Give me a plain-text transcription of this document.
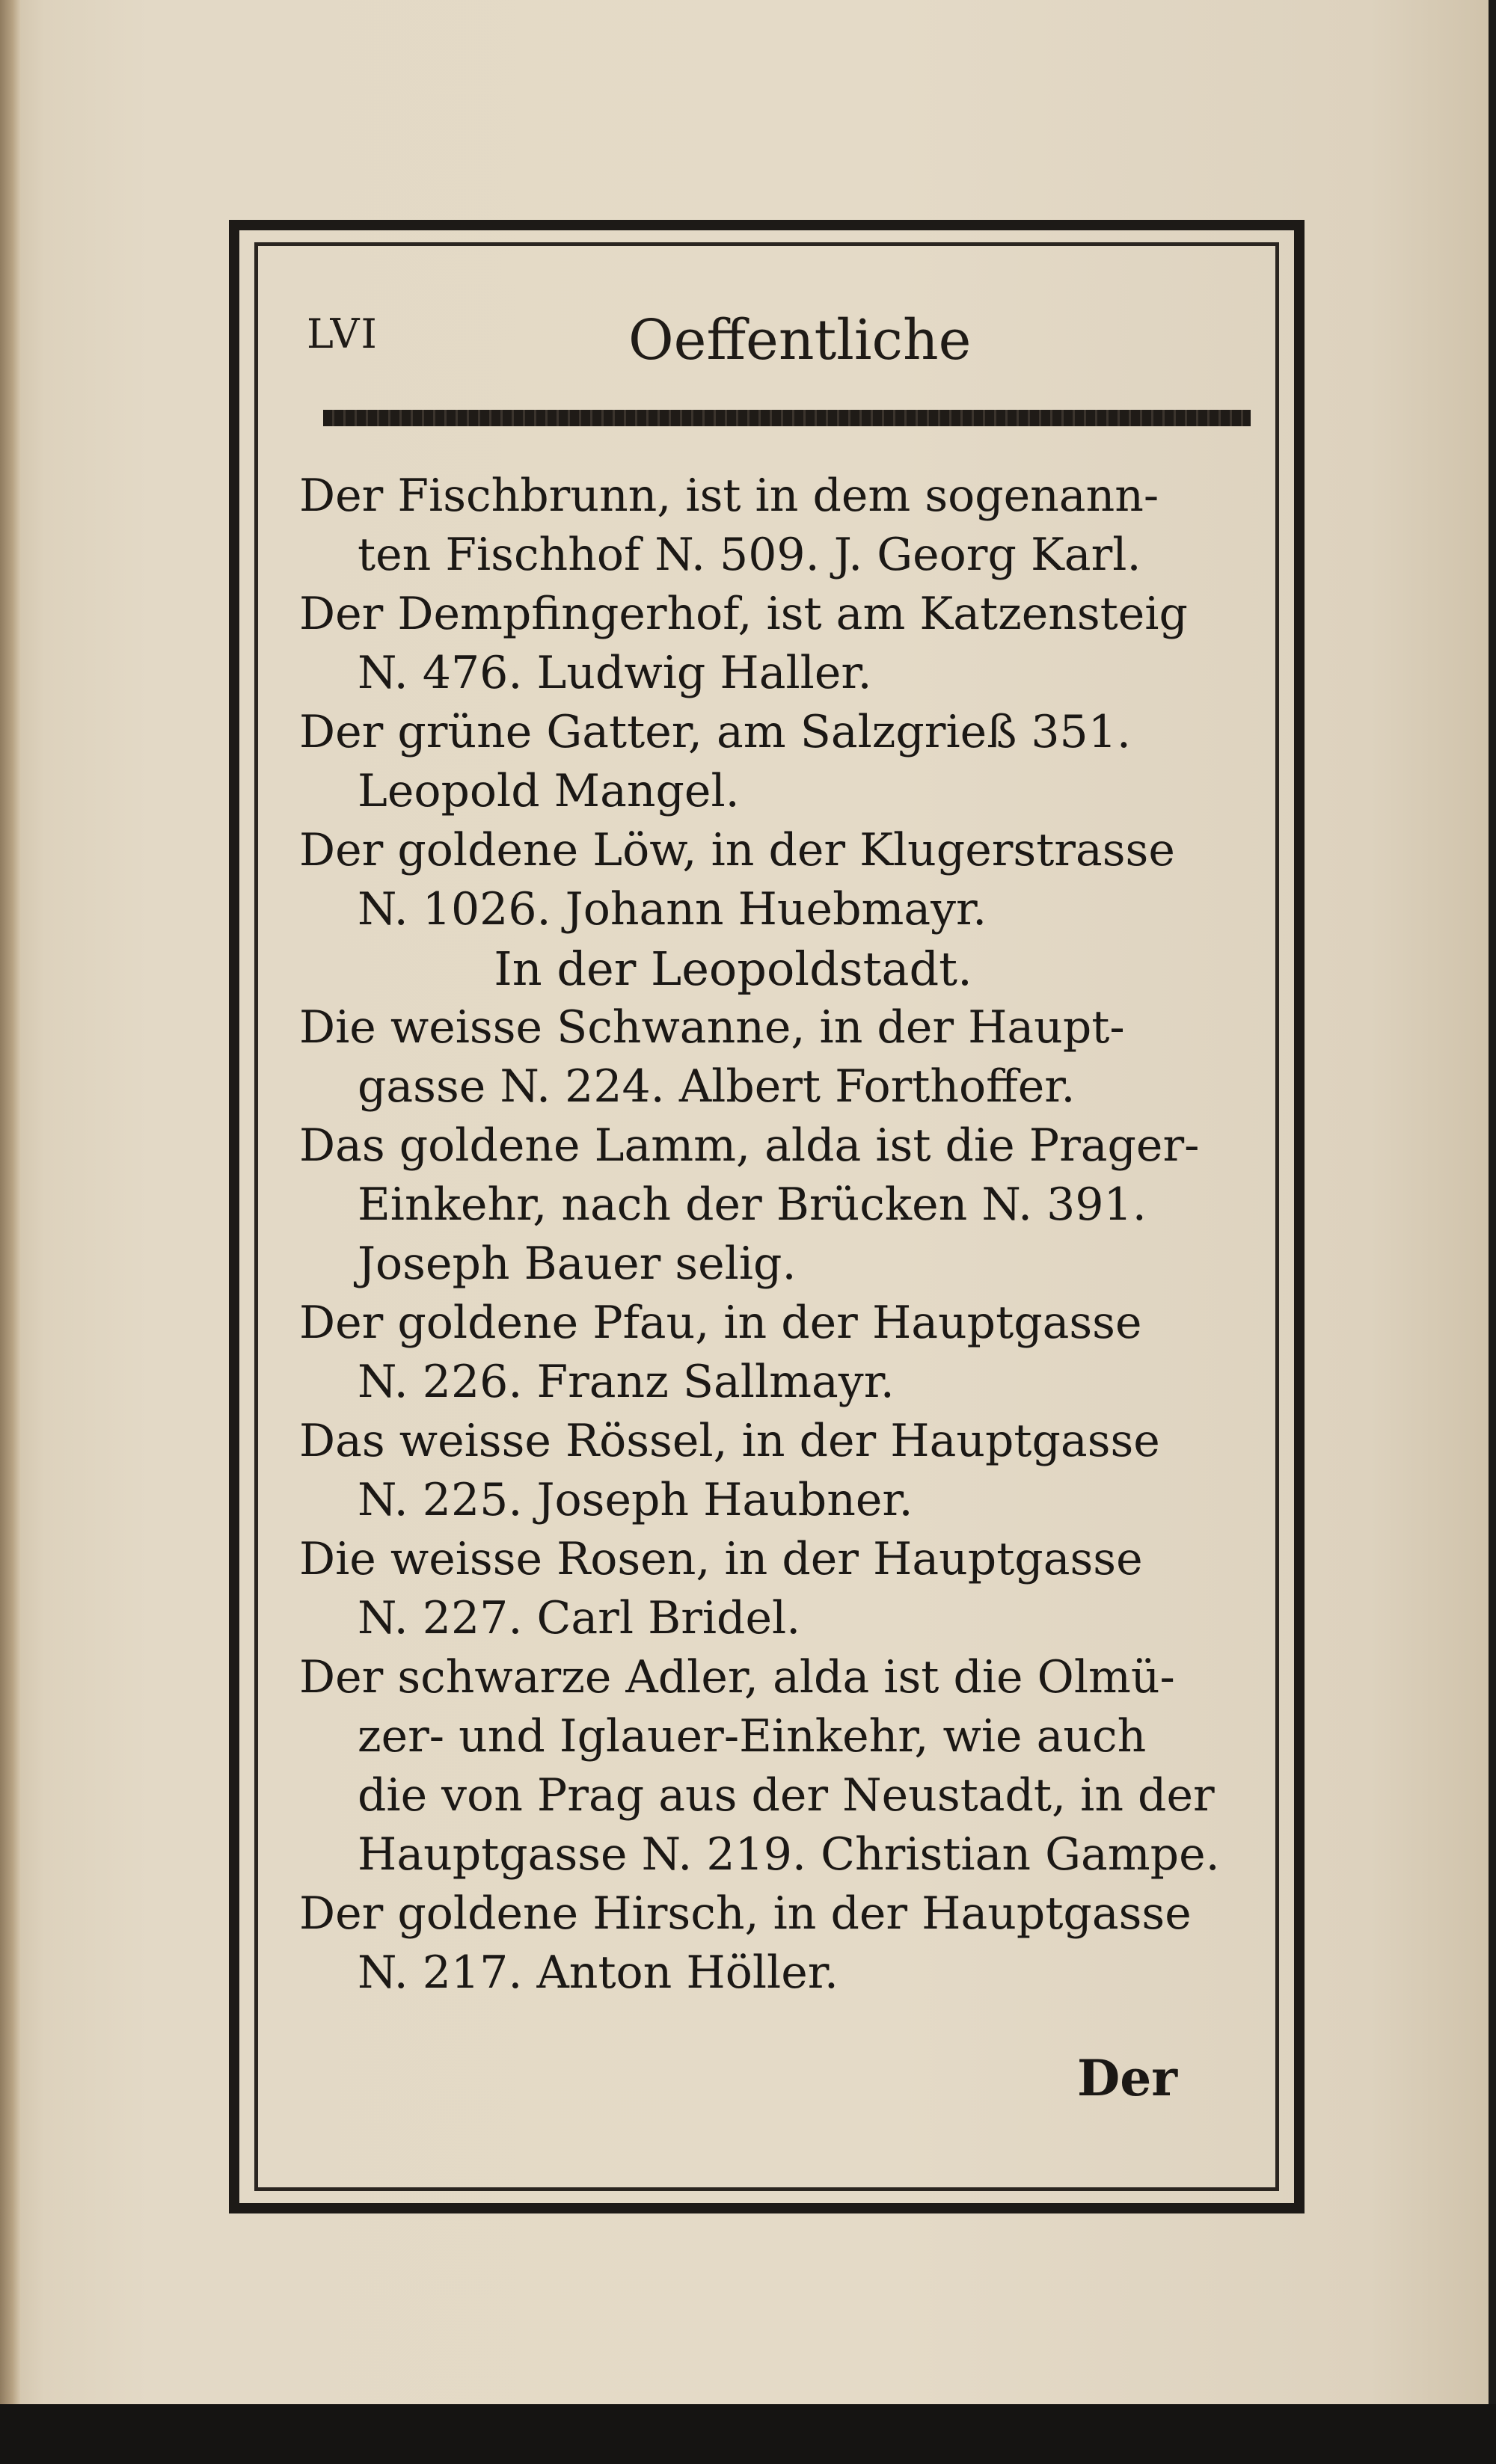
LVI	Oeffentliche
Der Fischbrunn, ist in dem sogenann-
ten Fischhof N. 509. J. Georg Karl.
Der Dempfingerhof, ist am Katzensteig
N. 476. Ludwig Haller.
Der grüne Gatter, am Salzgrieß 351.
Leopold Mangel.
Der goldene Löw, in der Klugerstrasse
N. 1026. Johann Huebmayr.
In der Leopoldstadt.
Die weisse Schwanne, in der Haupt-
gasse N. 224. Albert Forthoffer.
Das goldene Lamm, alda ist die Prager-
Einkehr, nach der Brücken N. 391.
Joseph Bauer selig.
Der goldene Pfau, in der Hauptgasse
N. 226. Franz Sallmayr.
Das weisse Rössel, in der Hauptgasse
N. 225. Joseph Haubner.
Die weisse Rosen, in der Hauptgasse
N. 227. Carl Bridel.
Der schwarze Adler, alda ist die Olmü-
zer- und Iglauer-Einkehr, wie auch
die von Prag aus der Neustadt, in der
Hauptgasse N. 219. Christian Gampe.
Der goldene Hirsch, in der Hauptgasse
N. 217. Anton Höller.
Der
